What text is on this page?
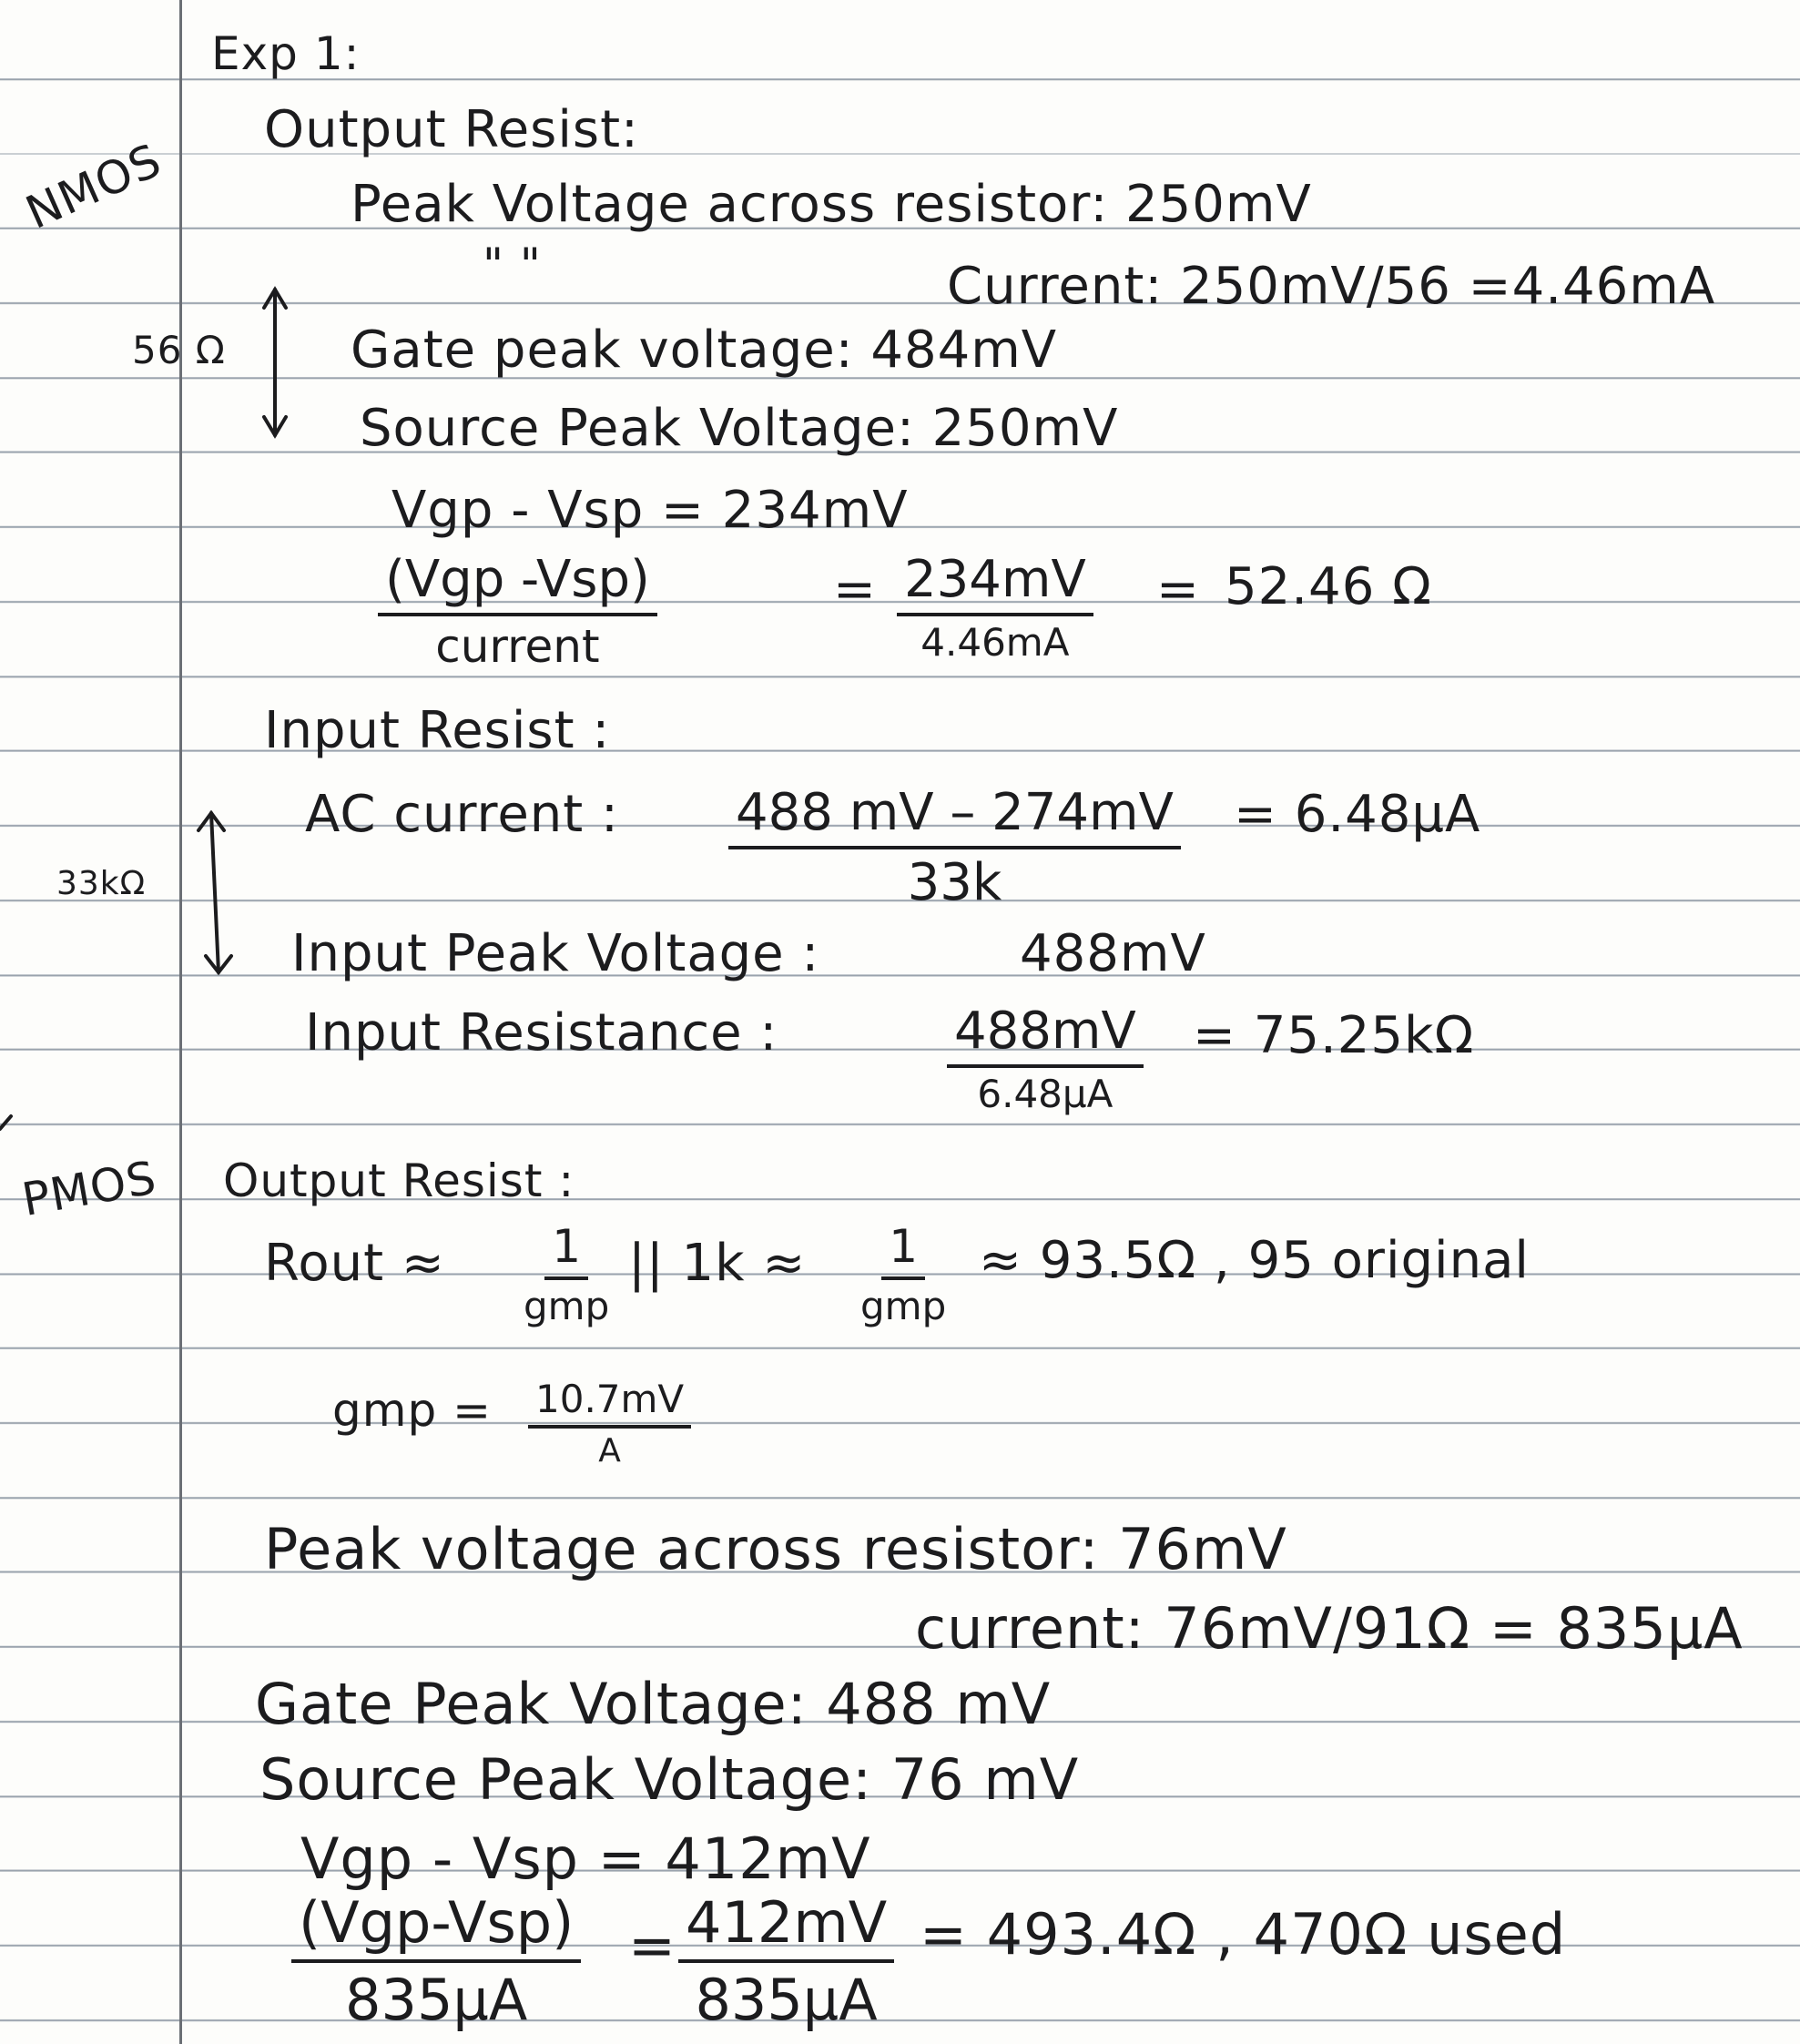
NMOS
56 Ω
33kΩ
PMOS
Exp 1:
Output Resist:
Peak Voltage across resistor: 250mV
" "	Current: 250mV/56 =4.46mA
Gate peak voltage: 484mV
Source Peak Voltage: 250mV
Vgp - Vsp = 234mV
(Vgp -Vsp)
current
= 234mV
4.46mA
= 52.46 Ω
Input Resist :
AC current : $\frac{488 mV - 274mV}{33k} = 6.48\mu A$
Input Peak Voltage :	488mV
Input Resistance :	488mV
6.48μA
= 75.25kΩ
Output Resist :
Rout ≈ 1
gmp
|| 1k ≈ 1
gmp
≈ 93.5Ω , 95 original
gmp = $\frac{10.7mV}{A}$
Peak voltage across resistor: 76mV
current: 76mV/91Ω = 835μA
Gate Peak Voltage: 488 mV
Source Peak Voltage: 76 mV
Vgp - Vsp = 412mV
(Vgp-Vsp)
835μA
= $\frac{412mV}{835\mu A} = 493.4\Omega$ , 470Ω used
